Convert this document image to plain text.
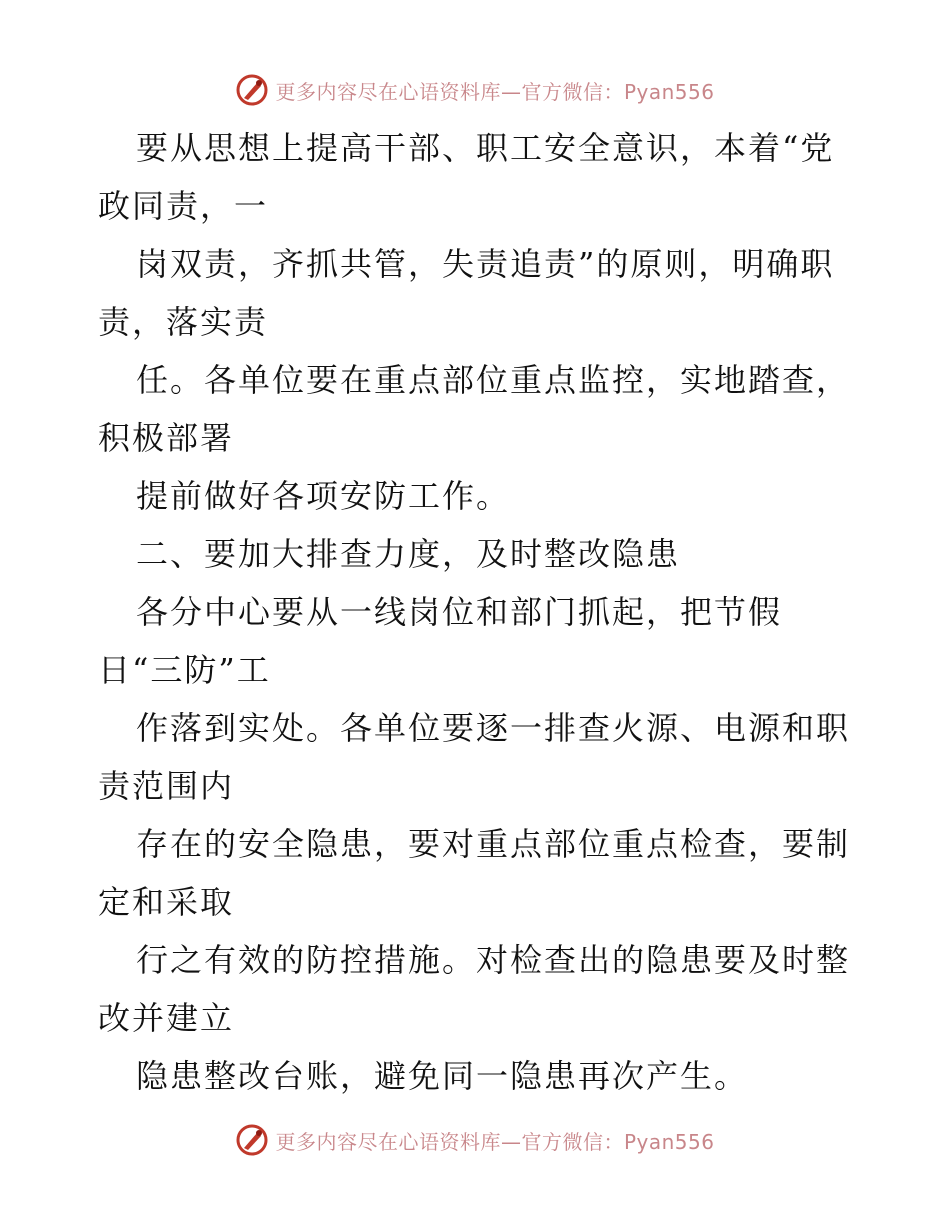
更多内容尽在心语资料库—官方微信：Pyan556
要从思想上提高干部、职工安全意识，本着“党
政同责，一
岗双责，齐抓共管，失责追责”的原则，明确职
责，落实责
任。各单位要在重点部位重点监控，实地踏查，
积极部署
提前做好各项安防工作。
二、要加大排查力度，及时整改隐患
各分中心要从一线岗位和部门抓起，把节假
日“三防”工
作落到实处。各单位要逐一排查火源、电源和职
责范围内
存在的安全隐患，要对重点部位重点检查，要制
定和采取
行之有效的防控措施。对检查出的隐患要及时整
改并建立
隐患整改台账，避免同一隐患再次产生。
更多内容尽在心语资料库—官方微信：Pyan556
